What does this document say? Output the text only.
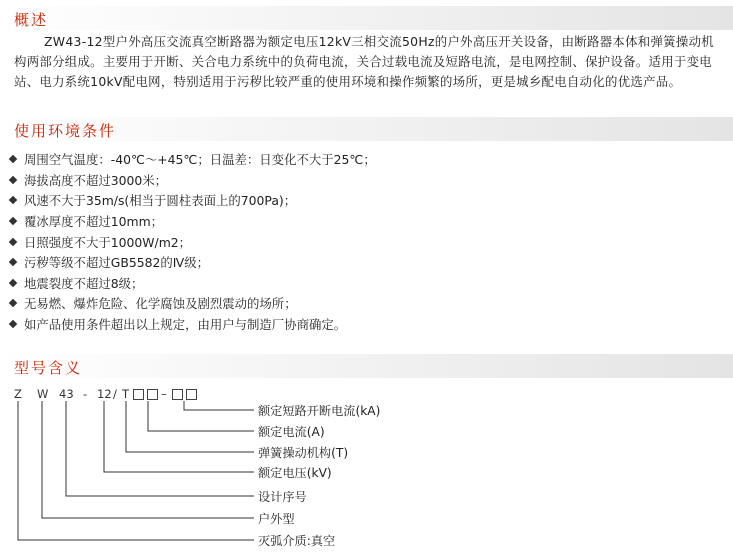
概述

ZW43-12型户外高压交流真空断路器为额定电压12kV三相交流50Hz的户外高压开关设备，由断路器本体和弹簧操动机构两部分组成。主要用于开断、关合电力系统中的负荷电流，关合过载电流及短路电流，是电网控制、保护设备。适用于变电站、电力系统10kV配电网，特别适用于污秽比较严重的使用环境和操作频繁的场所，更是城乡配电自动化的优选产品。

使用环境条件
周围空气温度：-40℃～+45℃；日温差：日变化不大于25℃；
海拔高度不超过3000米；
风速不大于35m/s(相当于圆柱表面上的700Pa)；
覆冰厚度不超过10mm；
日照强度不大于1000W/m2；
污秽等级不超过GB5582的Ⅳ级；
地震裂度不超过8级；
无易燃、爆炸危险、化学腐蚀及剧烈震动的场所；
如产品使用条件超出以上规定，由用户与制造厂协商确定。
型号含义
Z W 43 - 12 / T	–
额定短路开断电流(kA)
额定电流(A)
弹簧操动机构(T)
额定电压(kV)
设计序号
户外型
灭弧介质:真空
